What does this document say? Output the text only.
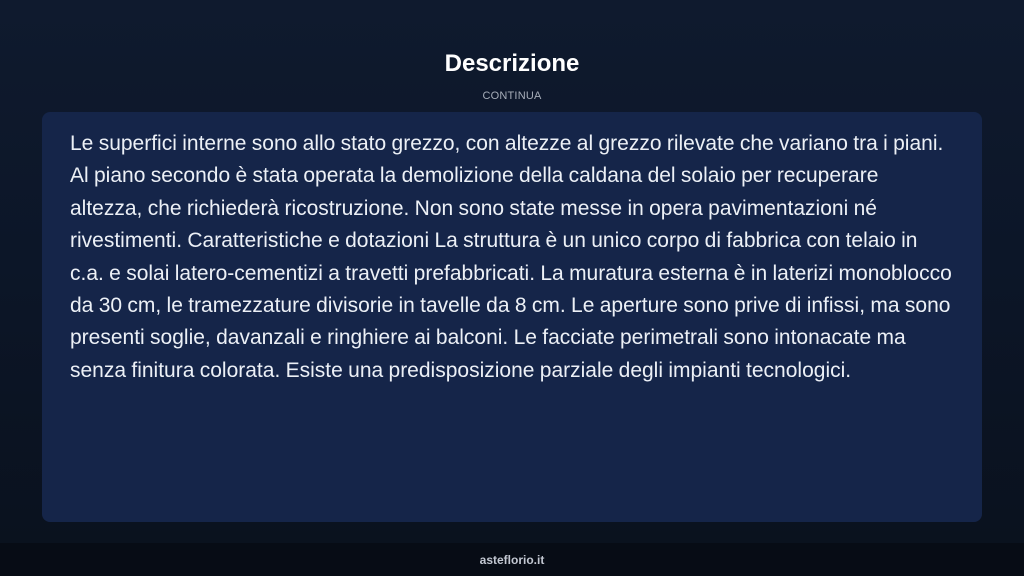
Descrizione
CONTINUA

Le superfici interne sono allo stato grezzo, con altezze al grezzo rilevate che variano tra i piani. Al piano secondo è stata operata la demolizione della caldana del solaio per recuperare altezza, che richiederà ricostruzione. Non sono state messe in opera pavimentazioni né rivestimenti. Caratteristiche e dotazioni La struttura è un unico corpo di fabbrica con telaio in c.a. e solai latero-cementizi a travetti prefabbricati. La muratura esterna è in laterizi monoblocco da 30 cm, le tramezzature divisorie in tavelle da 8 cm. Le aperture sono prive di infissi, ma sono presenti soglie, davanzali e ringhiere ai balconi. Le facciate perimetrali sono intonacate ma senza finitura colorata. Esiste una predisposizione parziale degli impianti tecnologici.

asteflorio.it
